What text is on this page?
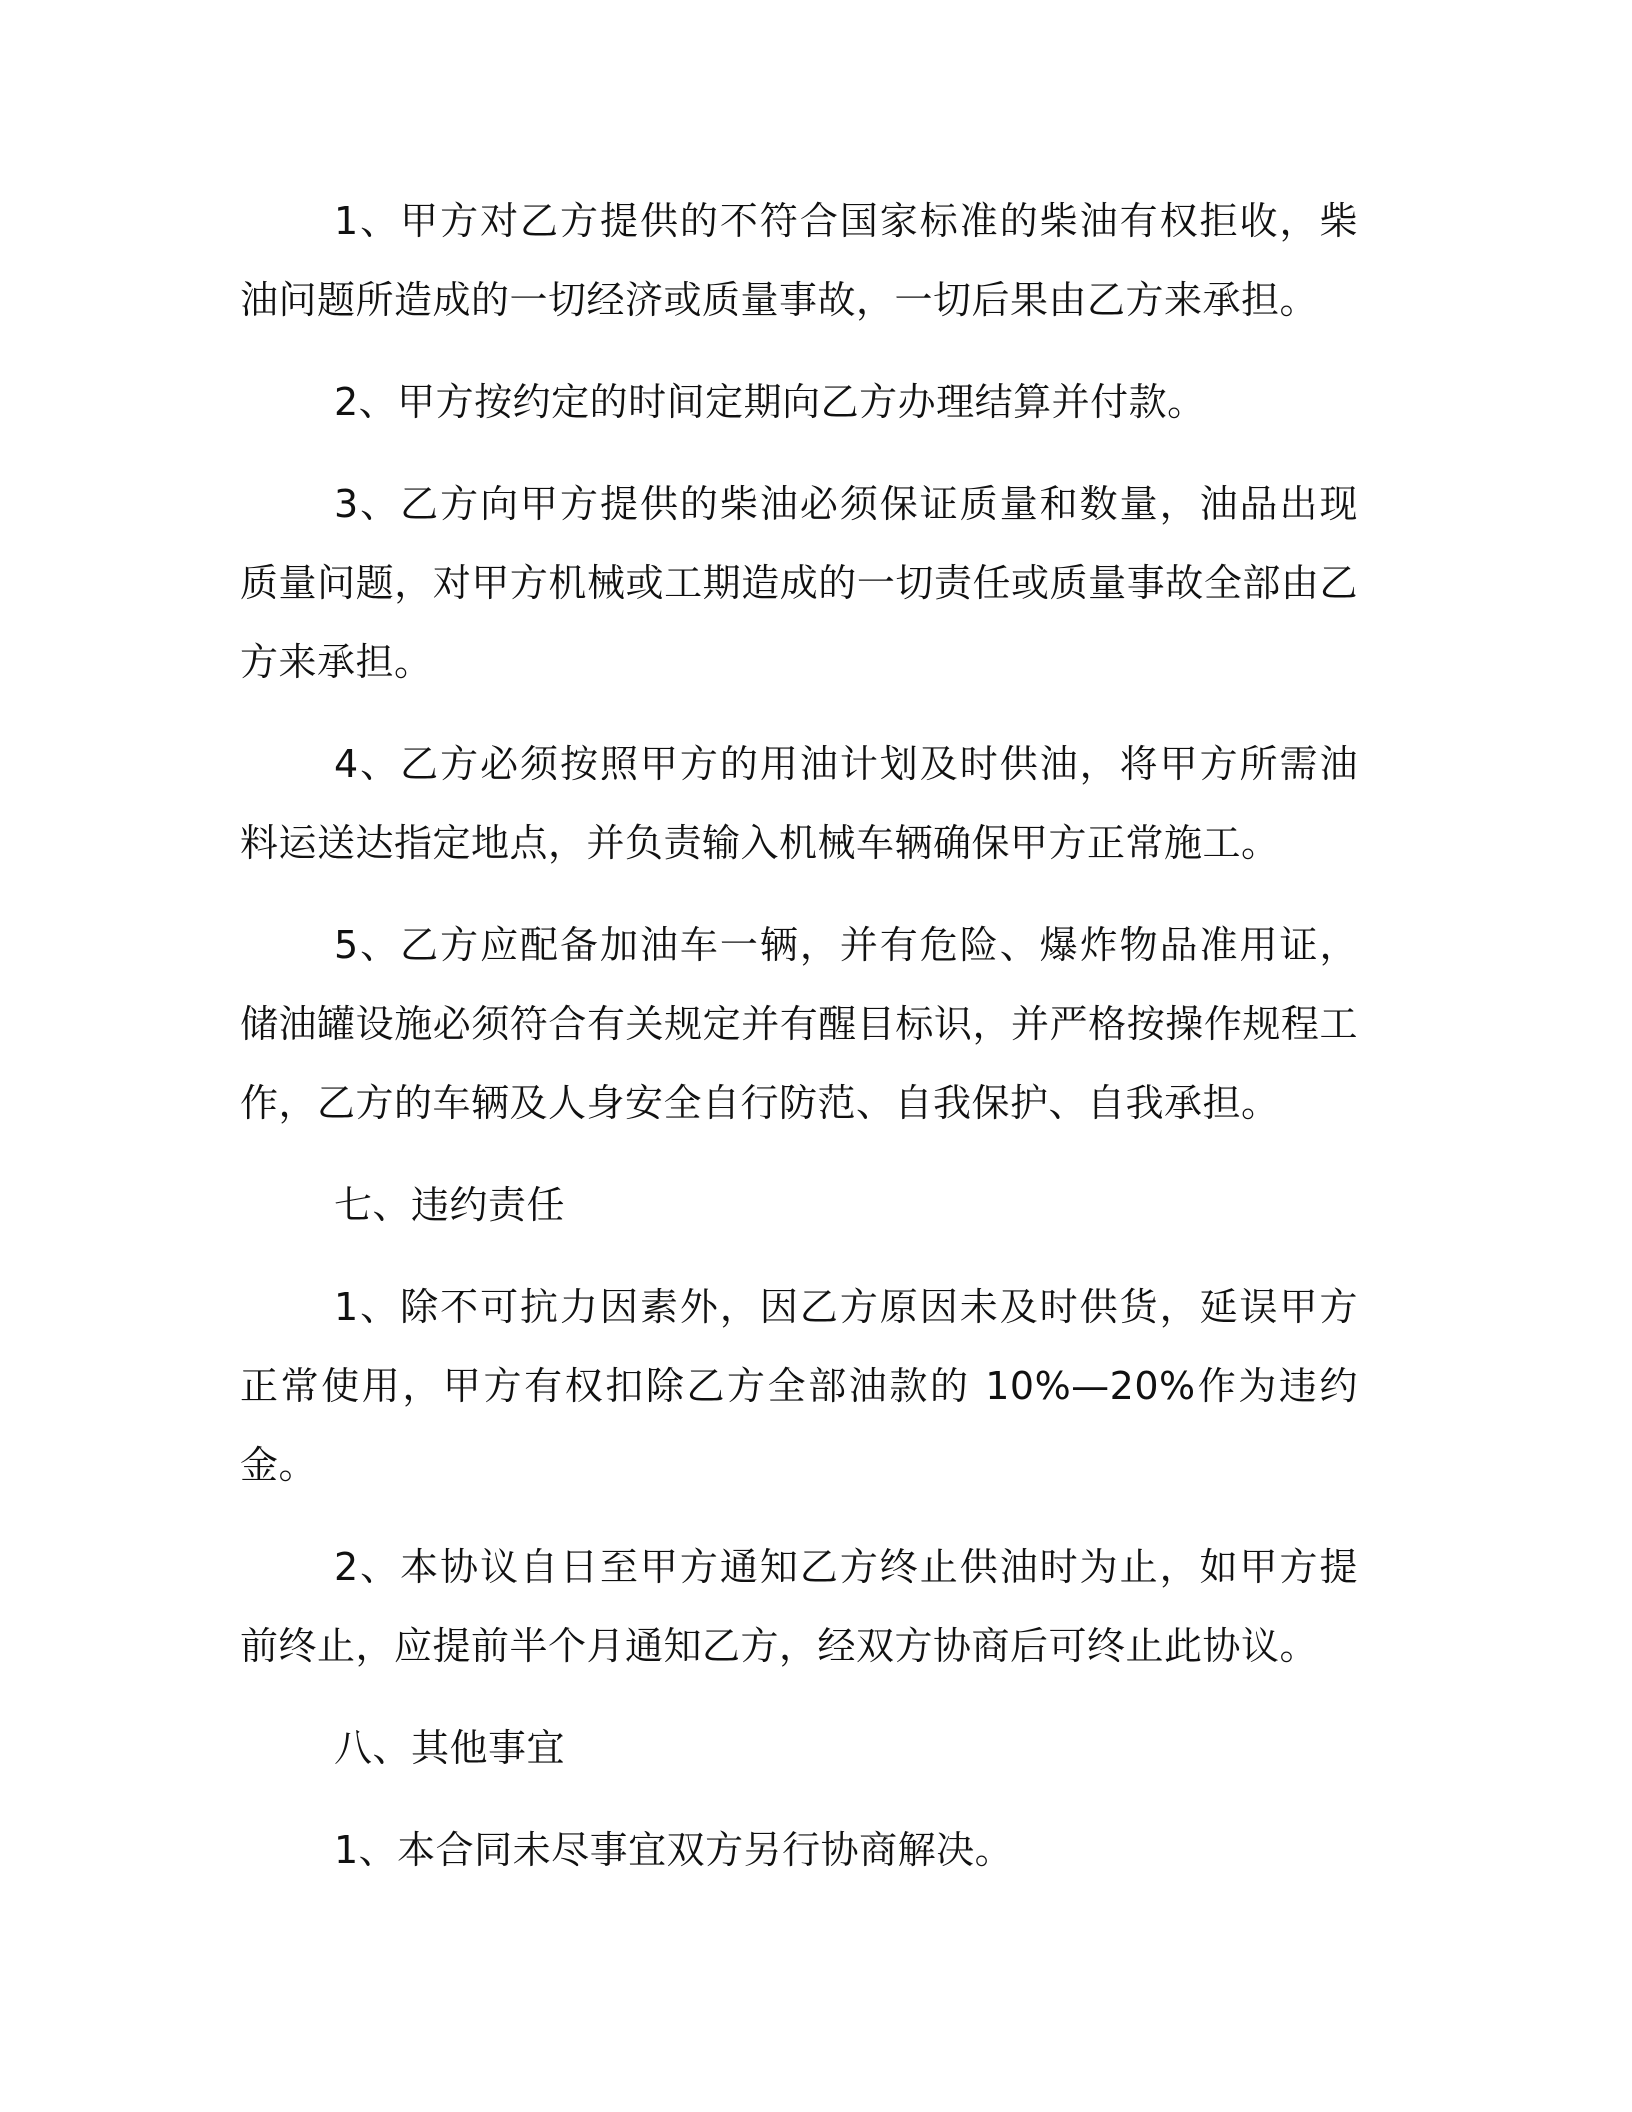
1、甲方对乙方提供的不符合国家标准的柴油有权拒收，柴油问题所造成的一切经济或质量事故，一切后果由乙方来承担。

2、甲方按约定的时间定期向乙方办理结算并付款。

3、乙方向甲方提供的柴油必须保证质量和数量，油品出现质量问题，对甲方机械或工期造成的一切责任或质量事故全部由乙方来承担。

4、乙方必须按照甲方的用油计划及时供油，将甲方所需油料运送达指定地点，并负责输入机械车辆确保甲方正常施工。

5、乙方应配备加油车一辆，并有危险、爆炸物品准用证，储油罐设施必须符合有关规定并有醒目标识，并严格按操作规程工作，乙方的车辆及人身安全自行防范、自我保护、自我承担。

七、违约责任

1、除不可抗力因素外，因乙方原因未及时供货，延误甲方正常使用，甲方有权扣除乙方全部油款的 10%—20%作为违约金。

2、本协议自日至甲方通知乙方终止供油时为止，如甲方提前终止，应提前半个月通知乙方，经双方协商后可终止此协议。

八、其他事宜

1、本合同未尽事宜双方另行协商解决。
